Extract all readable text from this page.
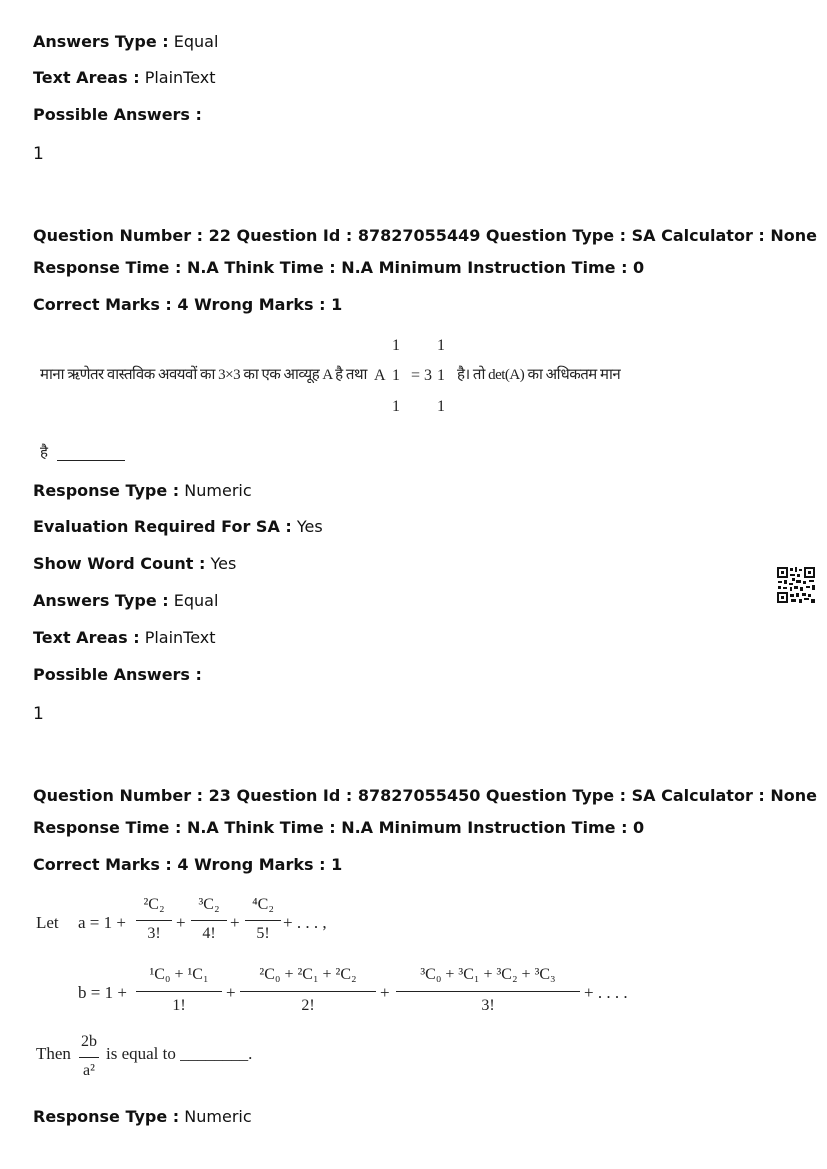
Answers Type : Equal
Text Areas : PlainText
Possible Answers :
1
Question Number : 22 Question Id : 87827055449 Question Type : SA Calculator : None
Response Time : N.A Think Time : N.A Minimum Instruction Time : 0
Correct Marks : 4 Wrong Marks : 1
माना ऋणेतर वास्तविक अवयवों का 3×3 का एक आव्यूह A है तथा A
1
1
1
= 3
1
1
1
है। तो det(A) का अधिकतम मान
है
Response Type : Numeric
Evaluation Required For SA : Yes
Show Word Count : Yes
Answers Type : Equal
Text Areas : PlainText
Possible Answers :
1
Question Number : 23 Question Id : 87827055450 Question Type : SA Calculator : None
Response Time : N.A Think Time : N.A Minimum Instruction Time : 0
Correct Marks : 4 Wrong Marks : 1
Let a = 1 +
²C₂
3!
+
³C₂
4!
+
⁴C₂
5!
+ . . . ,
b = 1 +
¹C₀ + ¹C₁
1!
+
²C₀ + ²C₁ + ²C₂
2!
+
³C₀ + ³C₁ + ³C₂ + ³C₃
3!
+ . . . .
Then
2b
a²
is equal to ________.
Response Type : Numeric
